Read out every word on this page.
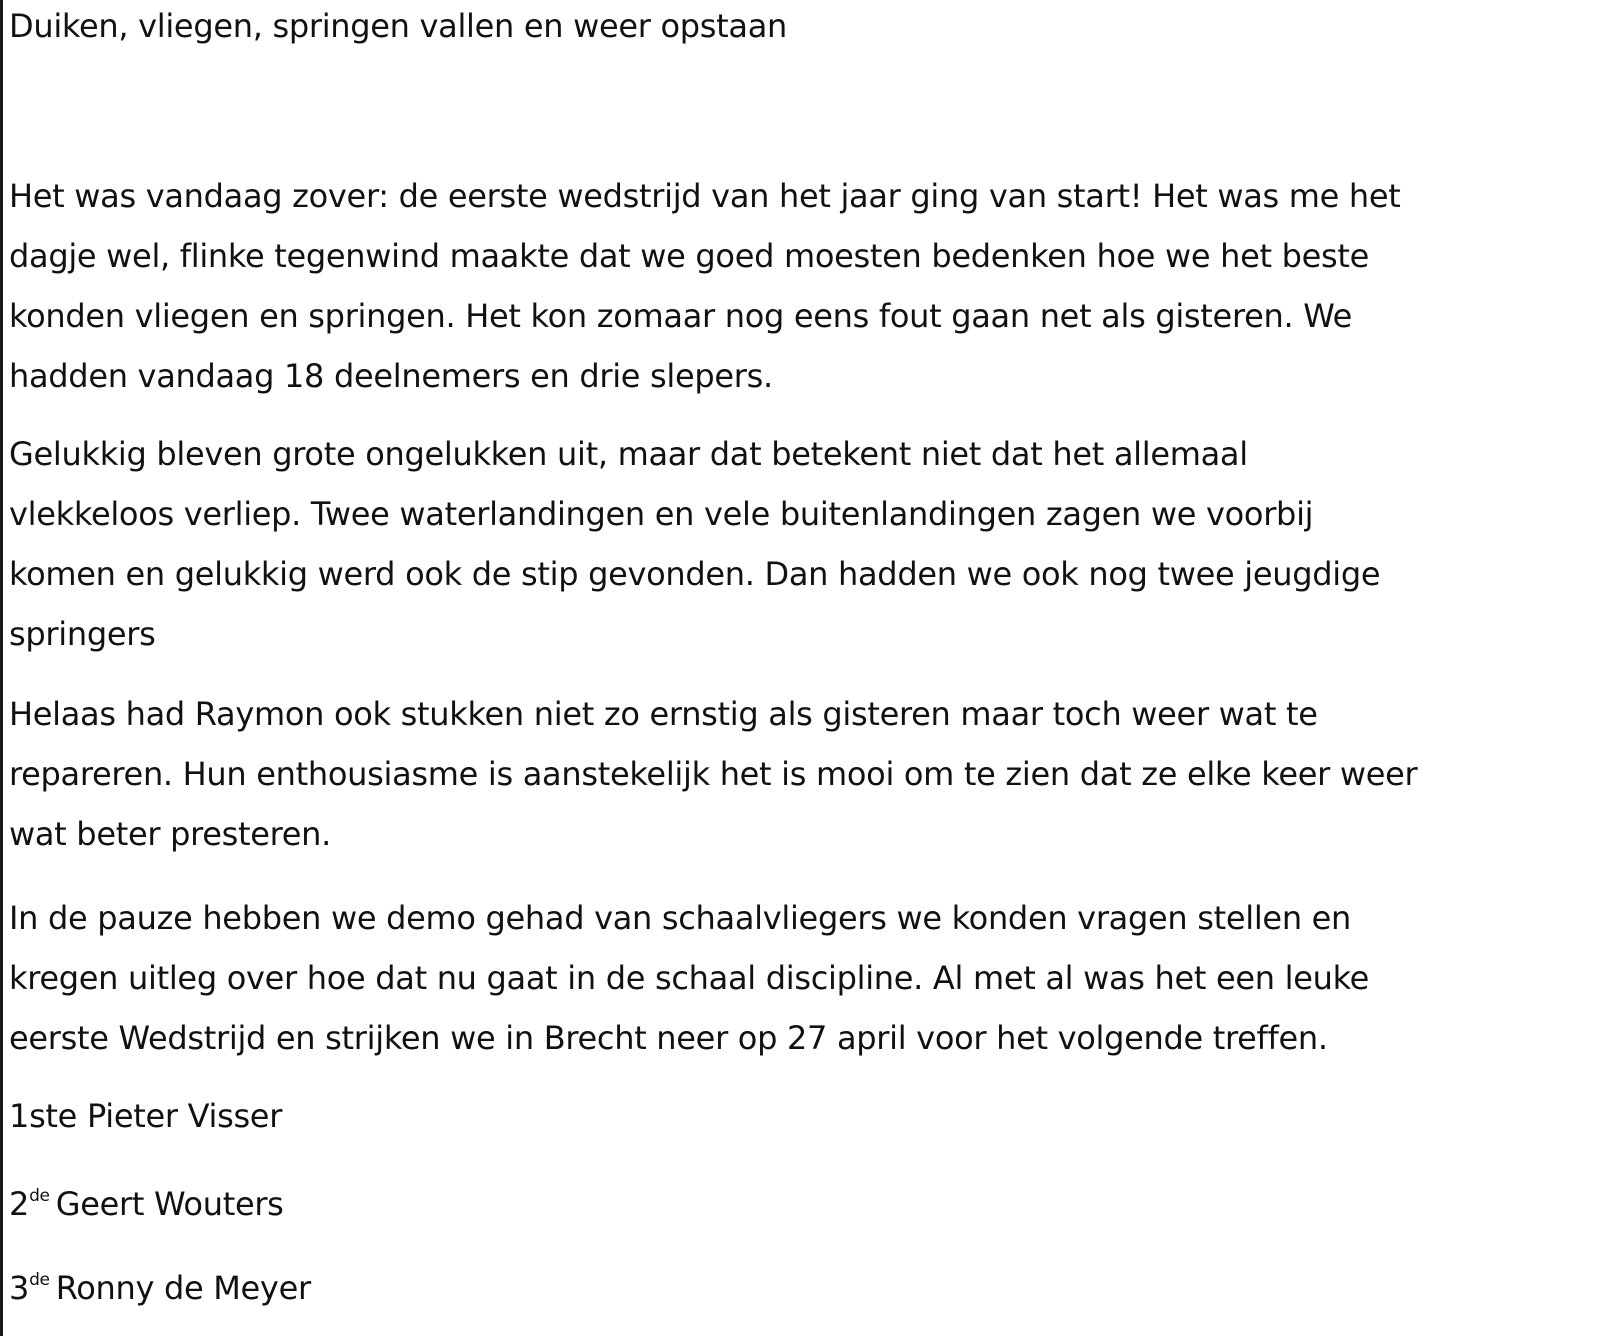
Duiken, vliegen, springen vallen en weer opstaan
Het was vandaag zover: de eerste wedstrijd van het jaar ging van start! Het was me het
dagje wel, flinke tegenwind maakte dat we goed moesten bedenken hoe we het beste
konden vliegen en springen. Het kon zomaar nog eens fout gaan net als gisteren. We
hadden vandaag 18 deelnemers en drie slepers.
Gelukkig bleven grote ongelukken uit, maar dat betekent niet dat het allemaal
vlekkeloos verliep. Twee waterlandingen en vele buitenlandingen zagen we voorbij
komen en gelukkig werd ook de stip gevonden. Dan hadden we ook nog twee jeugdige
springers
Helaas had Raymon ook stukken niet zo ernstig als gisteren maar toch weer wat te
repareren. Hun enthousiasme is aanstekelijk het is mooi om te zien dat ze elke keer weer
wat beter presteren.
In de pauze hebben we demo gehad van schaalvliegers we konden vragen stellen en
kregen uitleg over hoe dat nu gaat in de schaal discipline. Al met al was het een leuke
eerste Wedstrijd en strijken we in Brecht neer op 27 april voor het volgende treffen.
1ste Pieter Visser
2de Geert Wouters
3de Ronny de Meyer
